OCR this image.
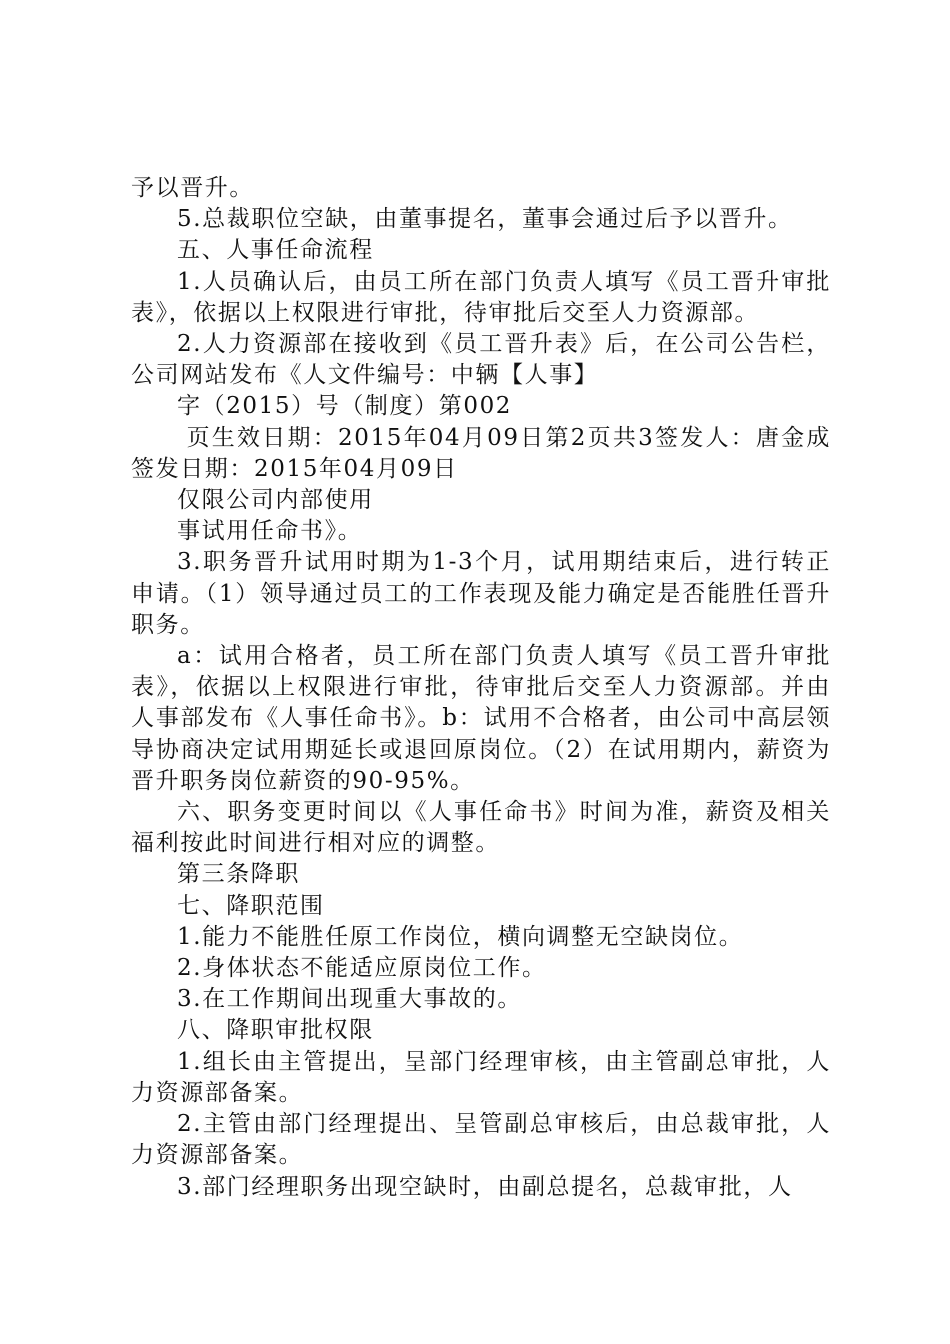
予以晋升。

5.总裁职位空缺，由董事提名，董事会通过后予以晋升。

五、人事任命流程

1.人员确认后，由员工所在部门负责人填写《员工晋升审批表》，依据以上权限进行审批，待审批后交至人力资源部。

2.人力资源部在接收到《员工晋升表》后，在公司公告栏，公司网站发布《人文件编号：中辆【人事】

字（2015）号（制度）第002

页生效日期：2015年04月09日第2页共3签发人：唐金成签发日期：2015年04月09日

仅限公司内部使用

事试用任命书》。

3.职务晋升试用时期为1-3个月，试用期结束后，进行转正申请。（1）领导通过员工的工作表现及能力确定是否能胜任晋升职务。

a：试用合格者，员工所在部门负责人填写《员工晋升审批表》，依据以上权限进行审批，待审批后交至人力资源部。并由人事部发布《人事任命书》。b：试用不合格者，由公司中高层领导协商决定试用期延长或退回原岗位。（2）在试用期内，薪资为晋升职务岗位薪资的90-95%。

六、职务变更时间以《人事任命书》时间为准，薪资及相关福利按此时间进行相对应的调整。

第三条降职

七、降职范围

1.能力不能胜任原工作岗位，横向调整无空缺岗位。

2.身体状态不能适应原岗位工作。

3.在工作期间出现重大事故的。

八、降职审批权限

1.组长由主管提出，呈部门经理审核，由主管副总审批，人力资源部备案。

2.主管由部门经理提出、呈管副总审核后，由总裁审批，人力资源部备案。

3.部门经理职务出现空缺时，由副总提名，总裁审批，人
